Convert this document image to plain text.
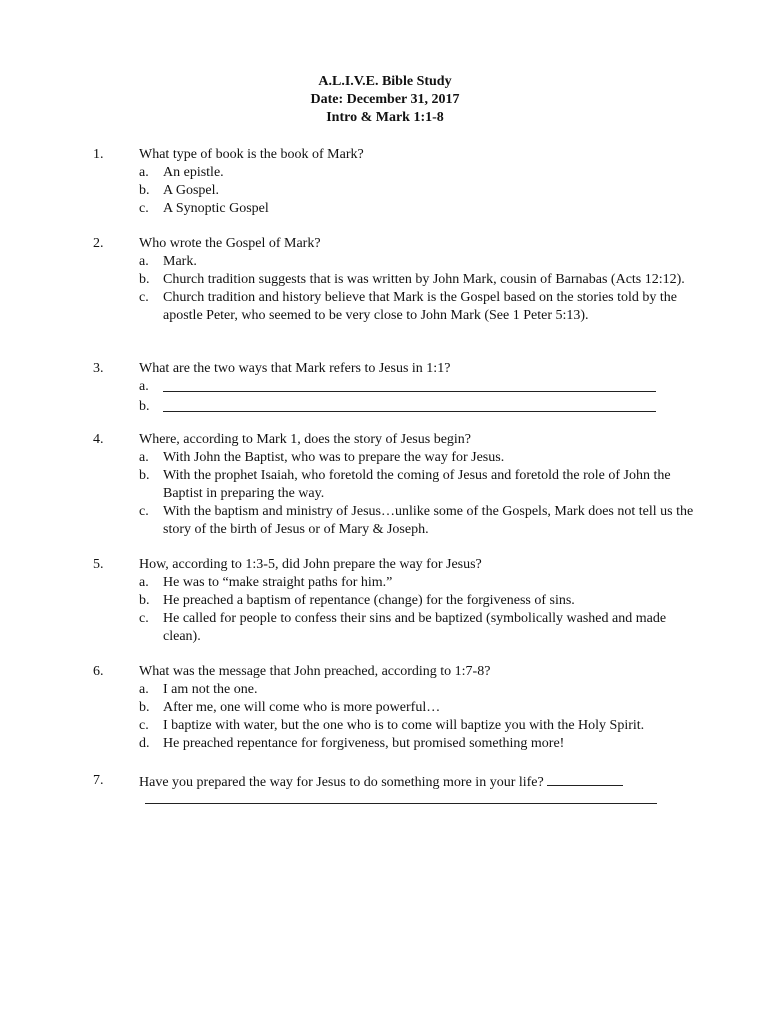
A.L.I.V.E. Bible Study
Date: December 31, 2017
Intro & Mark 1:1-8
1.	What type of book is the book of Mark?
a. An epistle.
b. A Gospel.
c. A Synoptic Gospel
2.	Who wrote the Gospel of Mark?
a. Mark.
b. Church tradition suggests that is was written by John Mark, cousin of Barnabas (Acts 12:12).
c. Church tradition and history believe that Mark is the Gospel based on the stories told by the apostle Peter, who seemed to be very close to John Mark (See 1 Peter 5:13).
3.	What are the two ways that Mark refers to Jesus in 1:1?
a.
b.
4.	Where, according to Mark 1, does the story of Jesus begin?
a. With John the Baptist, who was to prepare the way for Jesus.
b. With the prophet Isaiah, who foretold the coming of Jesus and foretold the role of John the Baptist in preparing the way.
c. With the baptism and ministry of Jesus…unlike some of the Gospels, Mark does not tell us the story of the birth of Jesus or of Mary & Joseph.
5.	How, according to 1:3-5, did John prepare the way for Jesus?
a. He was to “make straight paths for him.”
b. He preached a baptism of repentance (change) for the forgiveness of sins.
c. He called for people to confess their sins and be baptized (symbolically washed and made clean).
6.	What was the message that John preached, according to 1:7-8?
a. I am not the one.
b. After me, one will come who is more powerful…
c. I baptize with water, but the one who is to come will baptize you with the Holy Spirit.
d. He preached repentance for forgiveness, but promised something more!
7.	Have you prepared the way for Jesus to do something more in your life?
